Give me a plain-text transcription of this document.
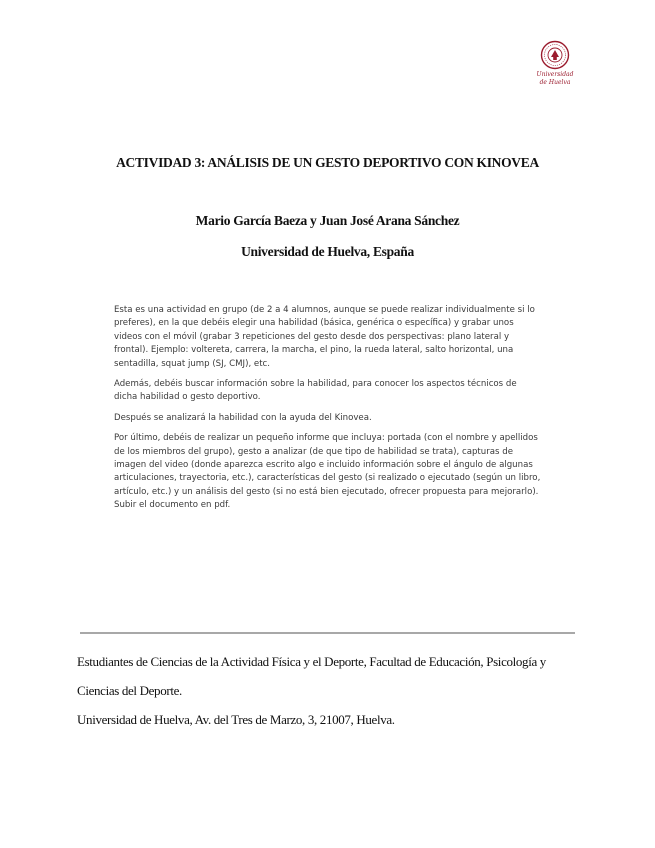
Universidad
de Huelva
ACTIVIDAD 3: ANÁLISIS DE UN GESTO DEPORTIVO CON KINOVEA
Mario García Baeza y Juan José Arana Sánchez
Universidad de Huelva, España

Esta es una actividad en grupo (de 2 a 4 alumnos, aunque se puede realizar individualmente si lo preferes), en la que debéis elegir una habilidad (básica, genérica o específica) y grabar unos videos con el móvil (grabar 3 repeticiones del gesto desde dos perspectivas: plano lateral y frontal). Ejemplo: voltereta, carrera, la marcha, el pino, la rueda lateral, salto horizontal, una sentadilla, squat jump (SJ, CMJ), etc.

Además, debéis buscar información sobre la habilidad, para conocer los aspectos técnicos de dicha habilidad o gesto deportivo.

Después se analizará la habilidad con la ayuda del Kinovea.

Por último, debéis de realizar un pequeño informe que incluya: portada (con el nombre y apellidos de los miembros del grupo), gesto a analizar (de que tipo de habilidad se trata), capturas de imagen del video (donde aparezca escrito algo e incluido información sobre el ángulo de algunas articulaciones, trayectoria, etc.), características del gesto (si realizado o ejecutado (según un libro, artículo, etc.) y un análisis del gesto (si no está bien ejecutado, ofrecer propuesta para mejorarlo). Subir el documento en pdf.

Estudiantes de Ciencias de la Actividad Física y el Deporte, Facultad de Educación, Psicología y
Ciencias del Deporte.
Universidad de Huelva, Av. del Tres de Marzo, 3, 21007, Huelva.
